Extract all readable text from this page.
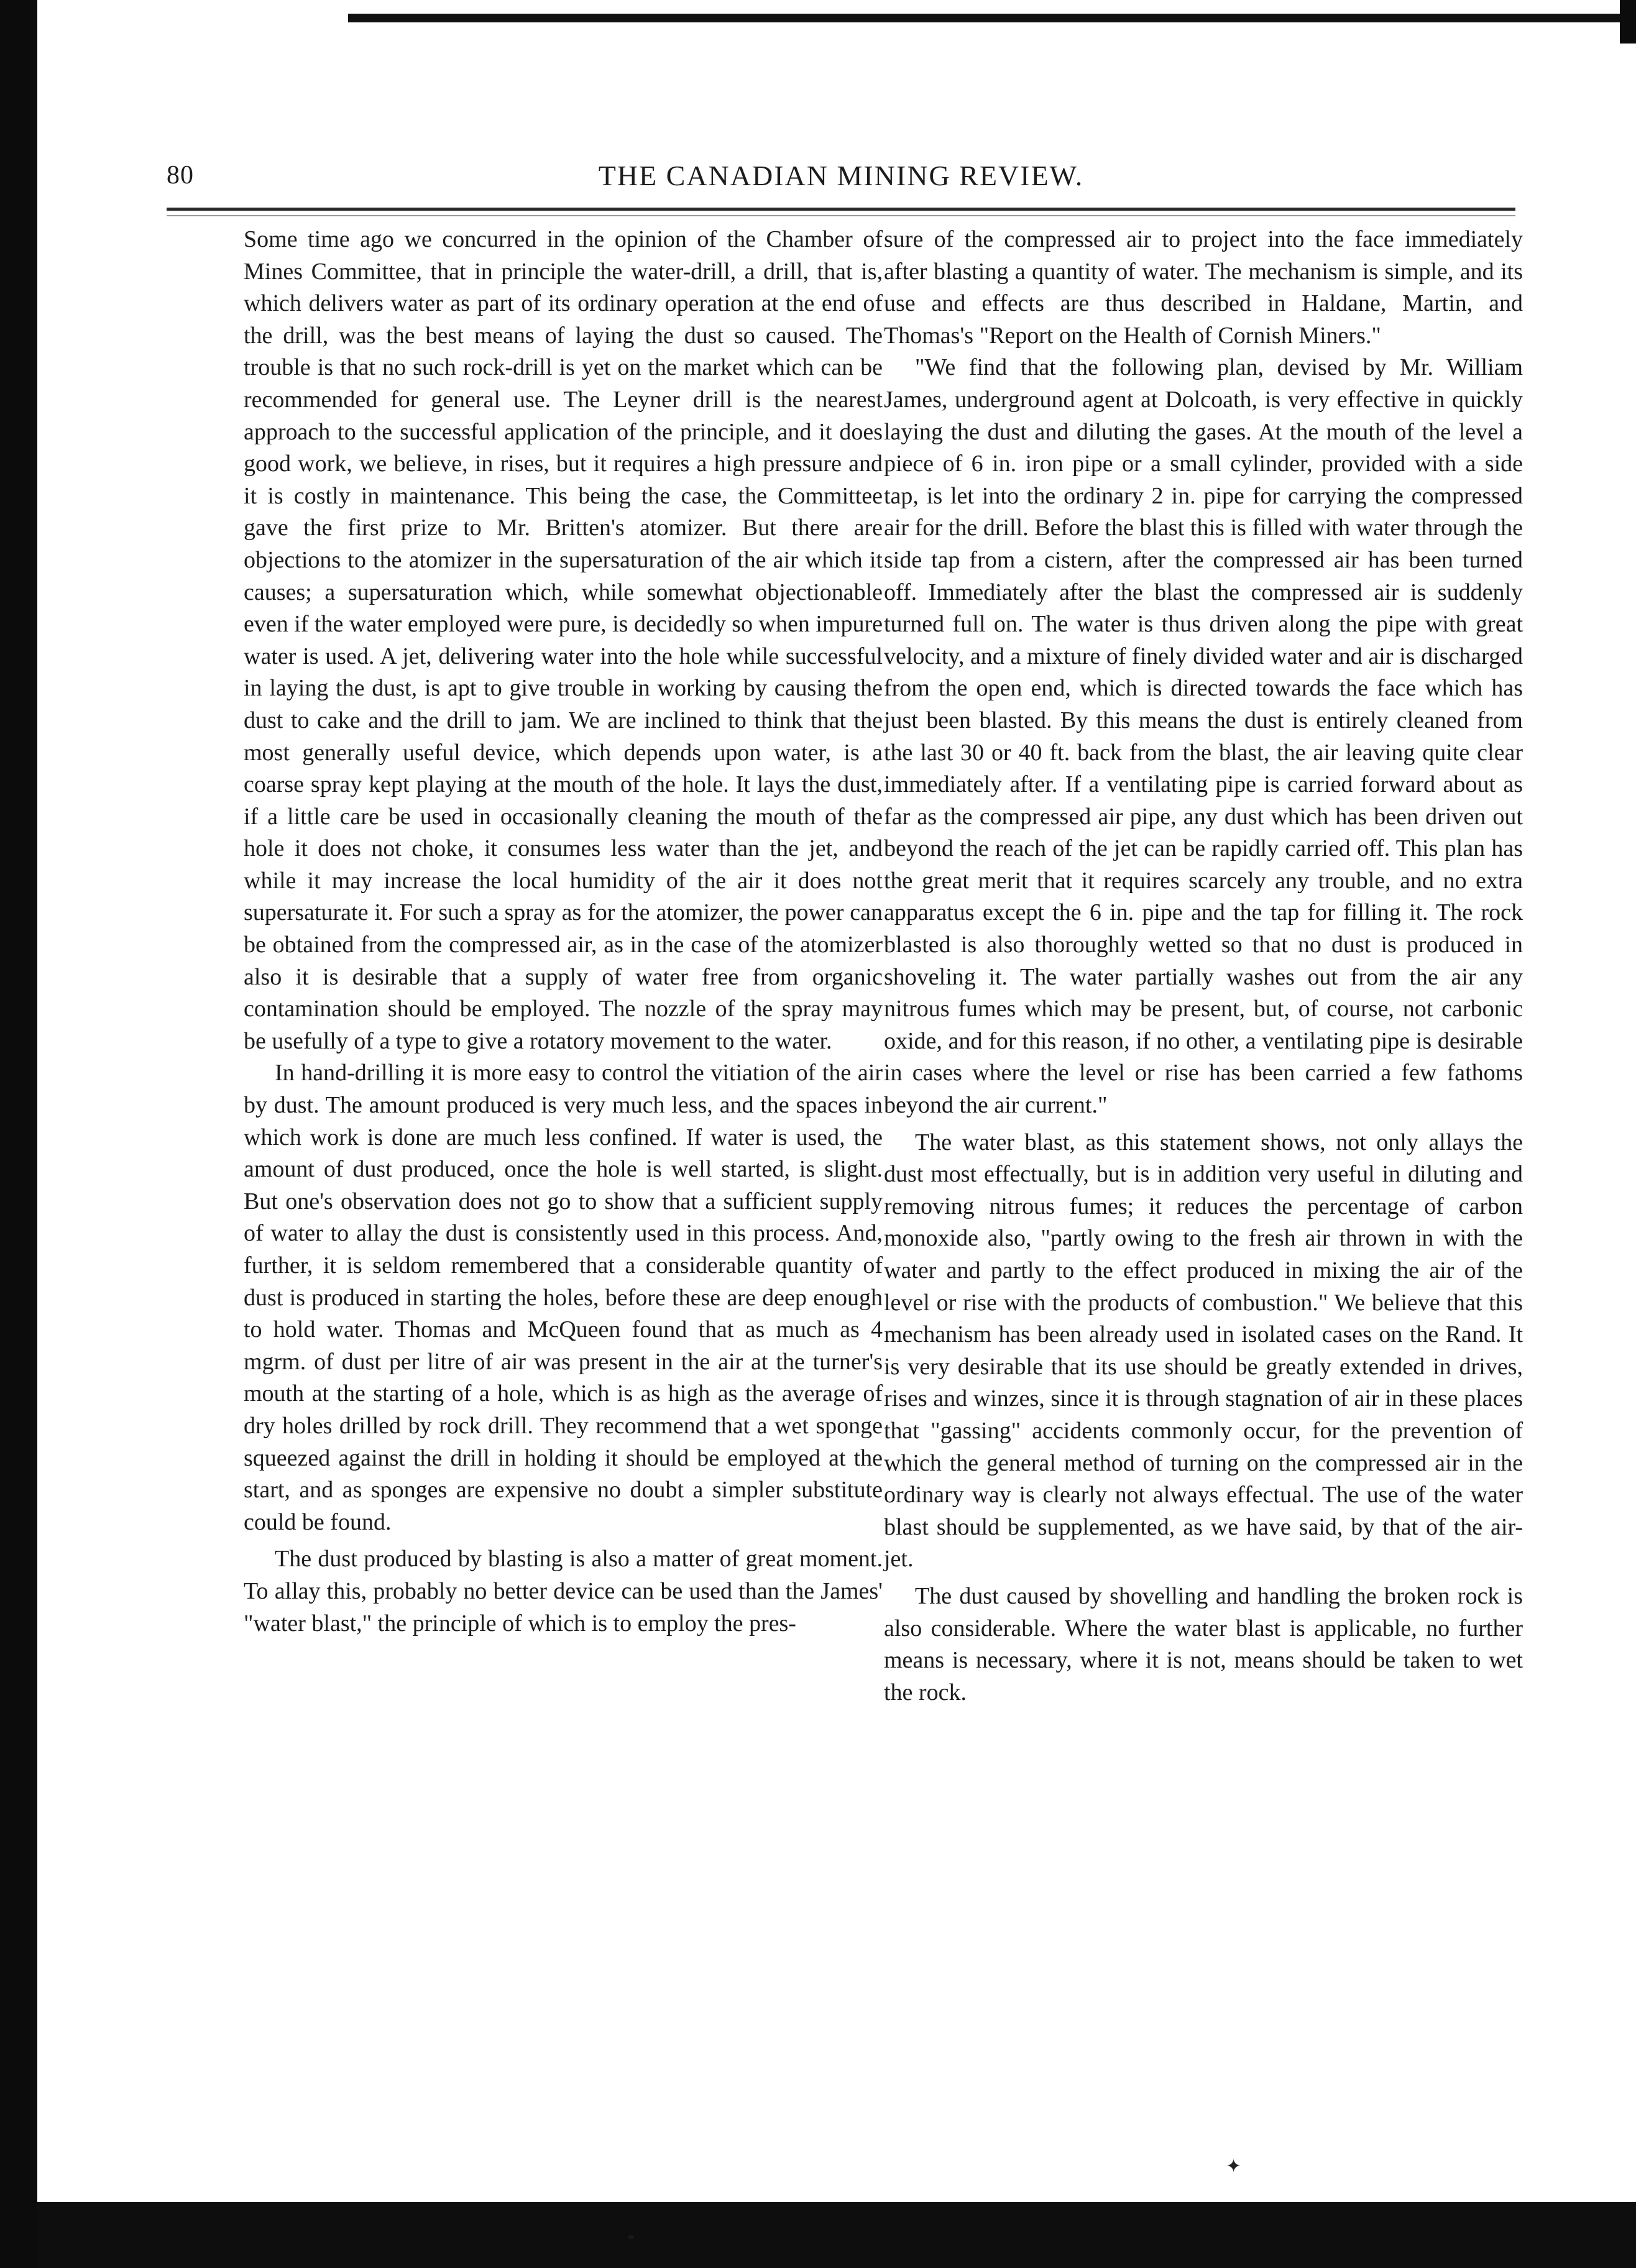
80	THE CANADIAN MINING REVIEW.

Some time ago we concurred in the opinion of the Chamber of Mines Committee, that in principle the water-drill, a drill, that is, which delivers water as part of its ordinary operation at the end of the drill, was the best means of laying the dust so caused. The trouble is that no such rock-drill is yet on the market which can be recommended for general use. The Leyner drill is the nearest approach to the successful application of the principle, and it does good work, we believe, in rises, but it requires a high pressure and it is costly in maintenance. This being the case, the Committee gave the first prize to Mr. Britten's atomizer. But there are objections to the atomizer in the supersaturation of the air which it causes; a supersaturation which, while somewhat objectionable even if the water employed were pure, is decidedly so when impure water is used. A jet, delivering water into the hole while successful in laying the dust, is apt to give trouble in working by causing the dust to cake and the drill to jam. We are inclined to think that the most generally useful device, which depends upon water, is a coarse spray kept playing at the mouth of the hole. It lays the dust, if a little care be used in occasionally cleaning the mouth of the hole it does not choke, it consumes less water than the jet, and while it may increase the local humidity of the air it does not supersaturate it. For such a spray as for the atomizer, the power can be obtained from the compressed air, as in the case of the atomizer also it is desirable that a supply of water free from organic contamination should be employed. The nozzle of the spray may be usefully of a type to give a rotatory movement to the water.

In hand-drilling it is more easy to control the vitiation of the air by dust. The amount produced is very much less, and the spaces in which work is done are much less confined. If water is used, the amount of dust produced, once the hole is well started, is slight. But one's observation does not go to show that a sufficient supply of water to allay the dust is consistently used in this process. And, further, it is seldom remembered that a considerable quantity of dust is produced in starting the holes, before these are deep enough to hold water. Thomas and McQueen found that as much as 4 mgrm. of dust per litre of air was present in the air at the turner's mouth at the starting of a hole, which is as high as the average of dry holes drilled by rock drill. They recommend that a wet sponge squeezed against the drill in holding it should be employed at the start, and as sponges are expensive no doubt a simpler substitute could be found.

The dust produced by blasting is also a matter of great moment. To allay this, probably no better device can be used than the James' "water blast," the principle of which is to employ the pres-

sure of the compressed air to project into the face immediately after blasting a quantity of water. The mechanism is simple, and its use and effects are thus described in Haldane, Martin, and Thomas's "Report on the Health of Cornish Miners."

"We find that the following plan, devised by Mr. William James, underground agent at Dolcoath, is very effective in quickly laying the dust and diluting the gases. At the mouth of the level a piece of 6 in. iron pipe or a small cylinder, provided with a side tap, is let into the ordinary 2 in. pipe for carrying the compressed air for the drill. Before the blast this is filled with water through the side tap from a cistern, after the compressed air has been turned off. Immediately after the blast the compressed air is suddenly turned full on. The water is thus driven along the pipe with great velocity, and a mixture of finely divided water and air is discharged from the open end, which is directed towards the face which has just been blasted. By this means the dust is entirely cleaned from the last 30 or 40 ft. back from the blast, the air leaving quite clear immediately after. If a ventilating pipe is carried forward about as far as the compressed air pipe, any dust which has been driven out beyond the reach of the jet can be rapidly carried off. This plan has the great merit that it requires scarcely any trouble, and no extra apparatus except the 6 in. pipe and the tap for filling it. The rock blasted is also thoroughly wetted so that no dust is produced in shoveling it. The water partially washes out from the air any nitrous fumes which may be present, but, of course, not carbonic oxide, and for this reason, if no other, a ventilating pipe is desirable in cases where the level or rise has been carried a few fathoms beyond the air current."

The water blast, as this statement shows, not only allays the dust most effectually, but is in addition very useful in diluting and removing nitrous fumes; it reduces the percentage of carbon monoxide also, "partly owing to the fresh air thrown in with the water and partly to the effect produced in mixing the air of the level or rise with the products of combustion." We believe that this mechanism has been already used in isolated cases on the Rand. It is very desirable that its use should be greatly extended in drives, rises and winzes, since it is through stagnation of air in these places that "gassing" accidents commonly occur, for the prevention of which the general method of turning on the compressed air in the ordinary way is clearly not always effectual. The use of the water blast should be supplemented, as we have said, by that of the air-jet.

The dust caused by shovelling and handling the broken rock is also considerable. Where the water blast is applicable, no further means is necessary, where it is not, means should be taken to wet the rock.

✦
